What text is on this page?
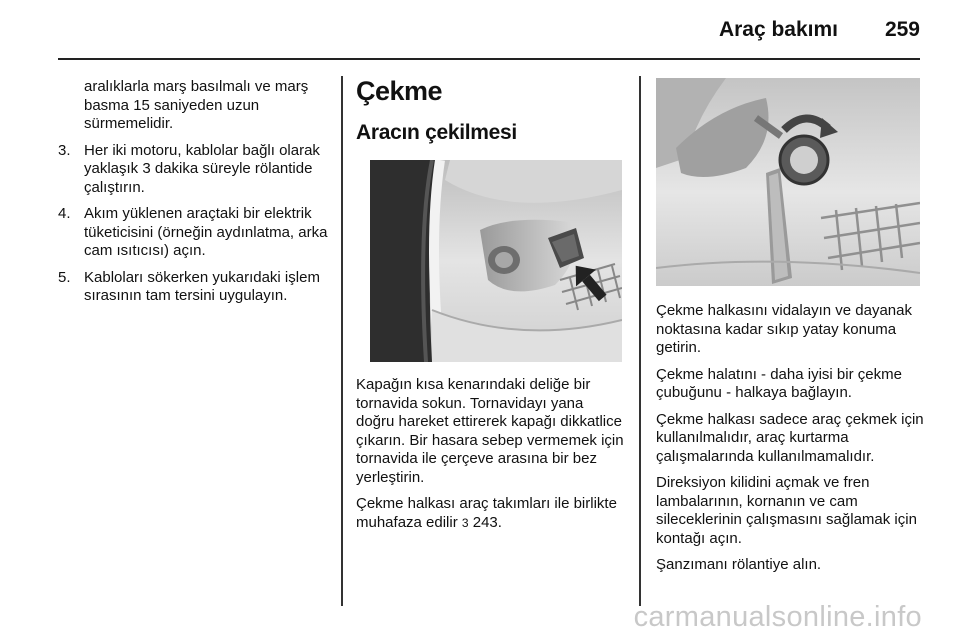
Araç bakımı 259
aralıklarla marş basılmalı ve marş basma 15 saniyeden uzun sürmemelidir.
3. Her iki motoru, kablolar bağlı olarak yaklaşık 3 dakika süreyle rölantide çalıştırın.
4. Akım yüklenen araçtaki bir elektrik tüketicisini (örneğin aydınlatma, arka cam ısıtıcısı) açın.
5. Kabloları sökerken yukarıdaki işlem sırasının tam tersini uygulayın.
Çekme
Aracın çekilmesi
Kapağın kısa kenarındaki deliğe bir tornavida sokun. Tornavidayı yana doğru hareket ettirerek kapağı dikkatlice çıkarın. Bir hasara sebep vermemek için tornavida ile çerçeve arasına bir bez yerleştirin.
Çekme halkası araç takımları ile birlikte muhafaza edilir 3 243.
Çekme halkasını vidalayın ve dayanak noktasına kadar sıkıp yatay konuma getirin.
Çekme halatını - daha iyisi bir çekme çubuğunu - halkaya bağlayın.
Çekme halkası sadece araç çekmek için kullanılmalıdır, araç kurtarma çalışmalarında kullanılmamalıdır.
Direksiyon kilidini açmak ve fren lambalarının, kornanın ve cam sileceklerinin çalışmasını sağlamak için kontağı açın.
Şanzımanı rölantiye alın.
carmanualsonline.info
